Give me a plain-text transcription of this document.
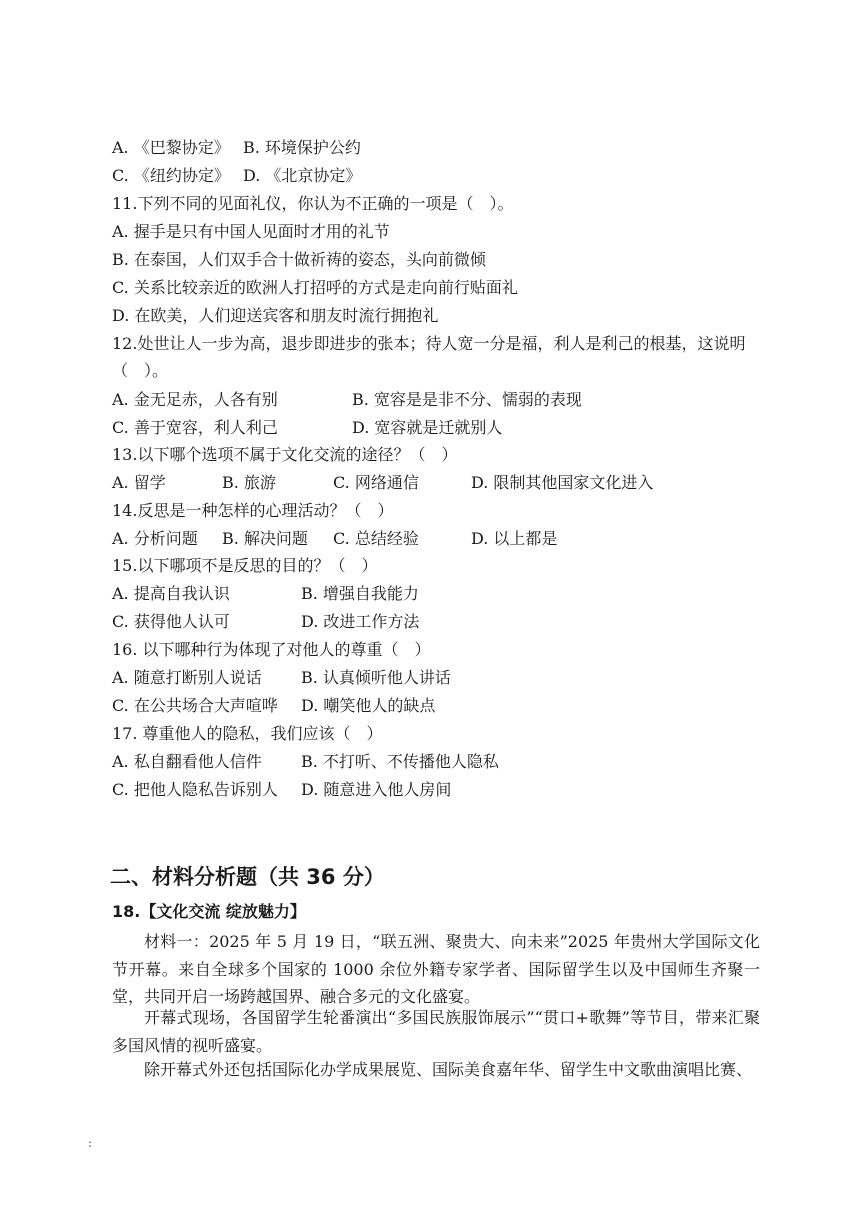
A. 《巴黎协定》 B. 环境保护公约
C. 《纽约协定》 D. 《北京协定》
11.下列不同的见面礼仪，你认为不正确的一项是（　）。
A. 握手是只有中国人见面时才用的礼节
B. 在泰国，人们双手合十做祈祷的姿态，头向前微倾
C. 关系比较亲近的欧洲人打招呼的方式是走向前行贴面礼
D. 在欧美，人们迎送宾客和朋友时流行拥抱礼
12.处世让人一步为高，退步即进步的张本；待人宽一分是福，利人是利己的根基，这说明
（　）。
A. 金无足赤，人各有别	B. 宽容是是非不分、懦弱的表现
C. 善于宽容，利人利己	D. 宽容就是迁就别人
13.以下哪个选项不属于文化交流的途径？（　）
A. 留学	B. 旅游	C. 网络通信	D. 限制其他国家文化进入
14.反思是一种怎样的心理活动？（　）
A. 分析问题 B. 解决问题 C. 总结经验	D. 以上都是
15.以下哪项不是反思的目的？（　）
A. 提高自我认识	B. 增强自我能力
C. 获得他人认可	D. 改进工作方法
16. 以下哪种行为体现了对他人的尊重（　）
A. 随意打断别人说话 B. 认真倾听他人讲话
C. 在公共场合大声喧哗 D. 嘲笑他人的缺点
17. 尊重他人的隐私，我们应该（　）
A. 私自翻看他人信件 B. 不打听、不传播他人隐私
C. 把他人隐私告诉别人 D. 随意进入他人房间
二、材料分析题（共 36 分）
18.【文化交流 绽放魅力】
材料一：2025 年 5 月 19 日，“联五洲、聚贵大、向未来”2025 年贵州大学国际文化节开幕。来自全球多个国家的 1000 余位外籍专家学者、国际留学生以及中国师生齐聚一堂，共同开启一场跨越国界、融合多元的文化盛宴。
开幕式现场，各国留学生轮番演出“多国民族服饰展示”“贯口+歌舞”等节目，带来汇聚多国风情的视听盛宴。
除开幕式外还包括国际化办学成果展览、国际美食嘉年华、留学生中文歌曲演唱比赛、
:
